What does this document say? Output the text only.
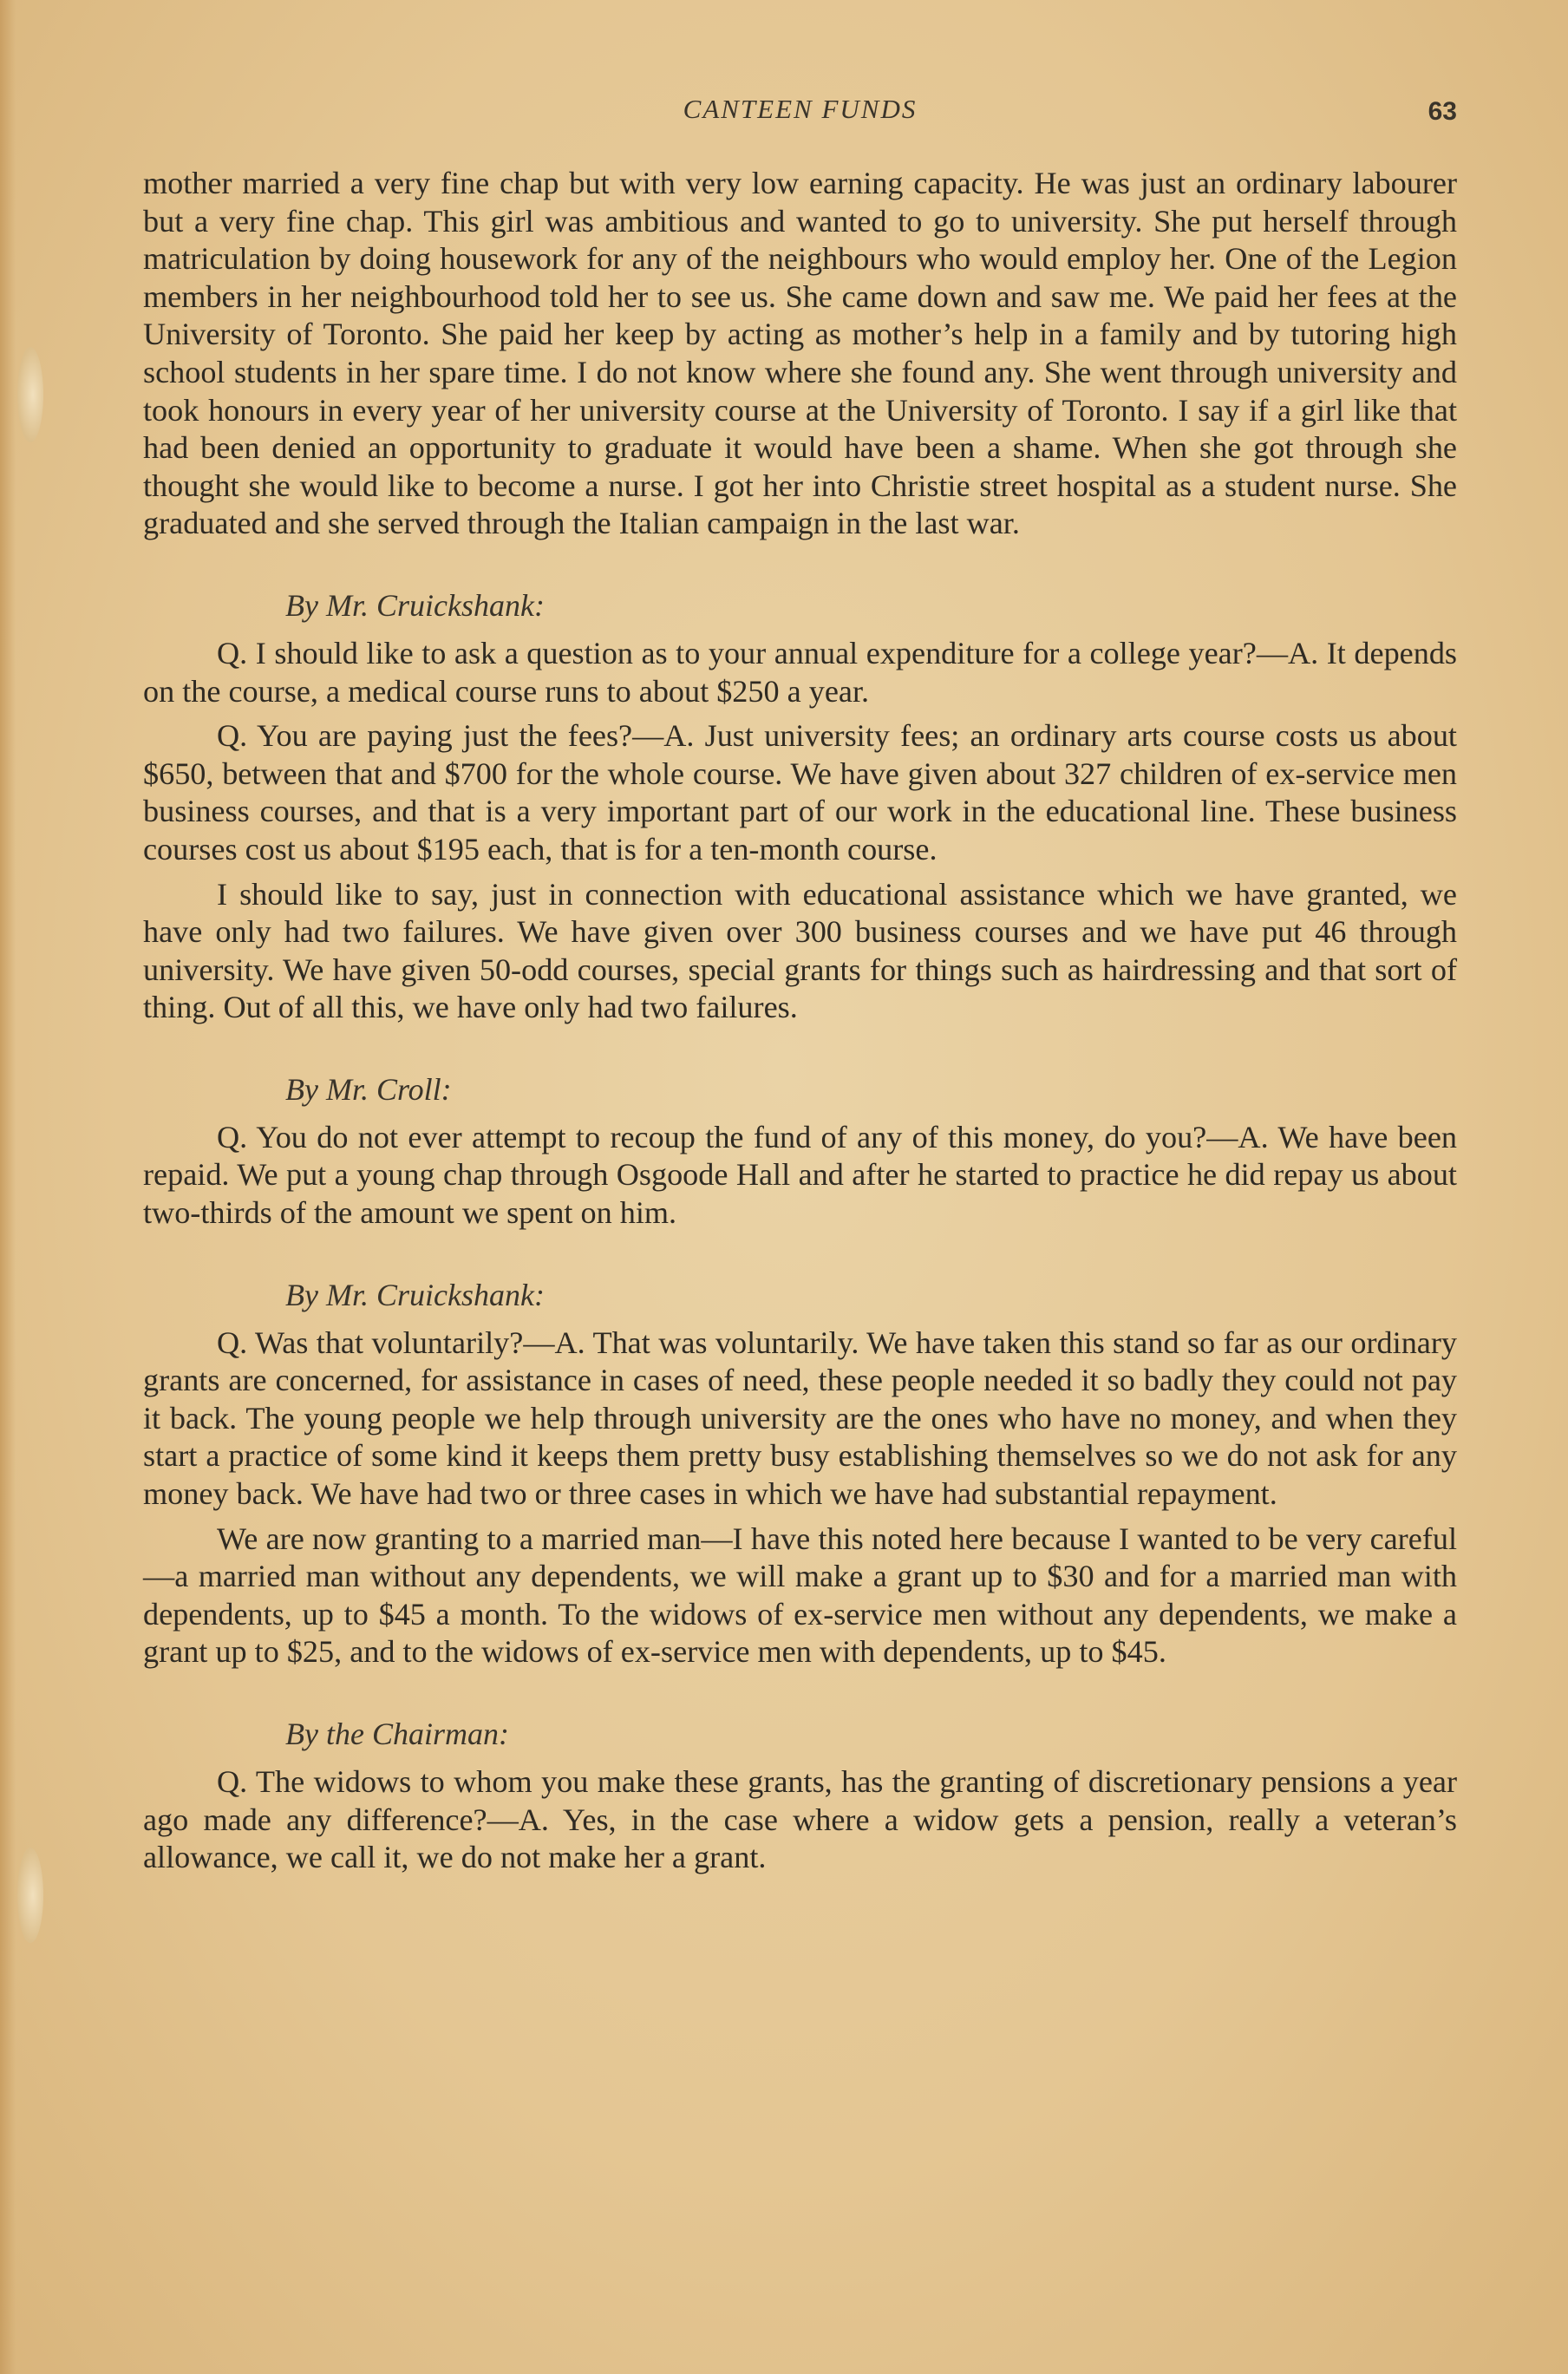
CANTEEN FUNDS	63

mother married a very fine chap but with very low earning capacity. He was just an ordinary labourer but a very fine chap. This girl was ambitious and wanted to go to university. She put herself through matriculation by doing housework for any of the neighbours who would employ her. One of the Legion members in her neighbourhood told her to see us. She came down and saw me. We paid her fees at the University of Toronto. She paid her keep by acting as mother’s help in a family and by tutoring high school students in her spare time. I do not know where she found any. She went through university and took honours in every year of her university course at the University of Toronto. I say if a girl like that had been denied an opportunity to graduate it would have been a shame. When she got through she thought she would like to become a nurse. I got her into Christie street hospital as a student nurse. She graduated and she served through the Italian campaign in the last war.

By Mr. Cruickshank:

Q. I should like to ask a question as to your annual expenditure for a college year?—A. It depends on the course, a medical course runs to about $250 a year.

Q. You are paying just the fees?—A. Just university fees; an ordinary arts course costs us about $650, between that and $700 for the whole course. We have given about 327 children of ex-service men business courses, and that is a very important part of our work in the educational line. These business courses cost us about $195 each, that is for a ten-month course.

I should like to say, just in connection with educational assistance which we have granted, we have only had two failures. We have given over 300 business courses and we have put 46 through university. We have given 50-odd courses, special grants for things such as hairdressing and that sort of thing. Out of all this, we have only had two failures.

By Mr. Croll:

Q. You do not ever attempt to recoup the fund of any of this money, do you?—A. We have been repaid. We put a young chap through Osgoode Hall and after he started to practice he did repay us about two-thirds of the amount we spent on him.

By Mr. Cruickshank:

Q. Was that voluntarily?—A. That was voluntarily. We have taken this stand so far as our ordinary grants are concerned, for assistance in cases of need, these people needed it so badly they could not pay it back. The young people we help through university are the ones who have no money, and when they start a practice of some kind it keeps them pretty busy establishing themselves so we do not ask for any money back. We have had two or three cases in which we have had substantial repayment.

We are now granting to a married man—I have this noted here because I wanted to be very careful—a married man without any dependents, we will make a grant up to $30 and for a married man with dependents, up to $45 a month. To the widows of ex-service men without any dependents, we make a grant up to $25, and to the widows of ex-service men with dependents, up to $45.

By the Chairman:

Q. The widows to whom you make these grants, has the granting of discretionary pensions a year ago made any difference?—A. Yes, in the case where a widow gets a pension, really a veteran’s allowance, we call it, we do not make her a grant.
